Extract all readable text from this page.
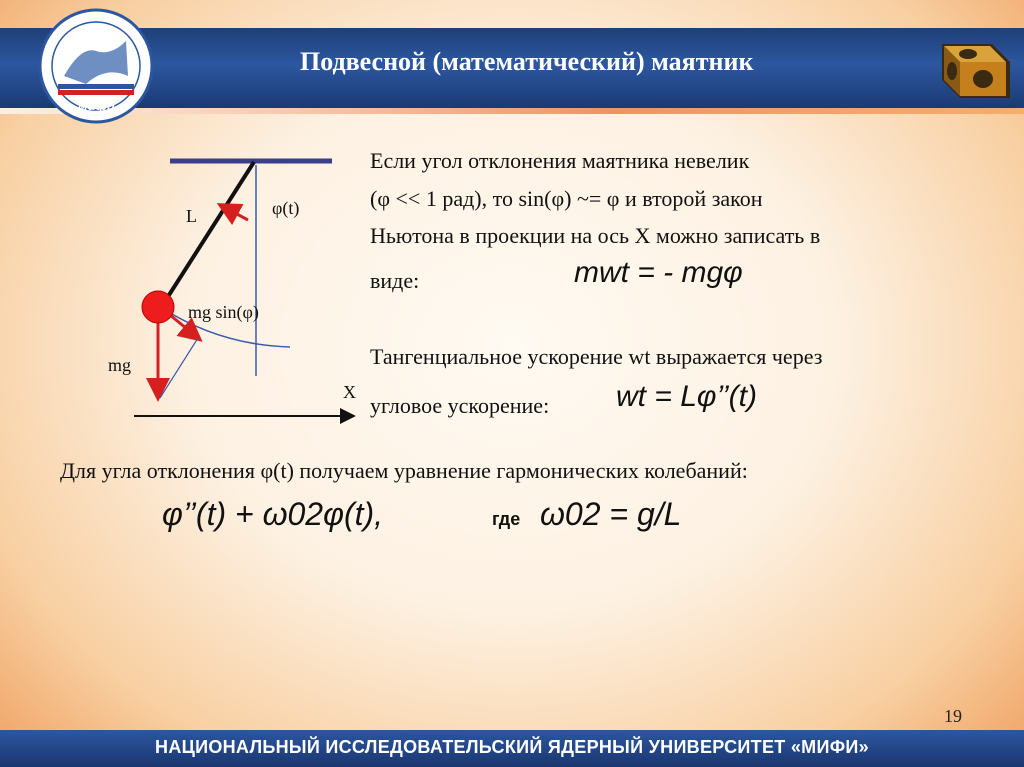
мифи
Подвесной (математический) маятник
L	φ(t)
mg sin(φ)
mg
X
Если угол отклонения маятника невелик
(φ << 1 рад), то sin(φ) ~= φ и второй закон
Ньютона в проекции на ось X можно записать в
виде:	mwt = - mgφ
Тангенциальное ускорение wt выражается через
угловое ускорение: wt = Lφ’’(t)
Для угла отклонения φ(t) получаем уравнение гармонических колебаний:
φ’’(t) + ω02φ(t),	где ω02 = g/L
19
НАЦИОНАЛЬНЫЙ ИССЛЕДОВАТЕЛЬСКИЙ ЯДЕРНЫЙ УНИВЕРСИТЕТ «МИФИ»
